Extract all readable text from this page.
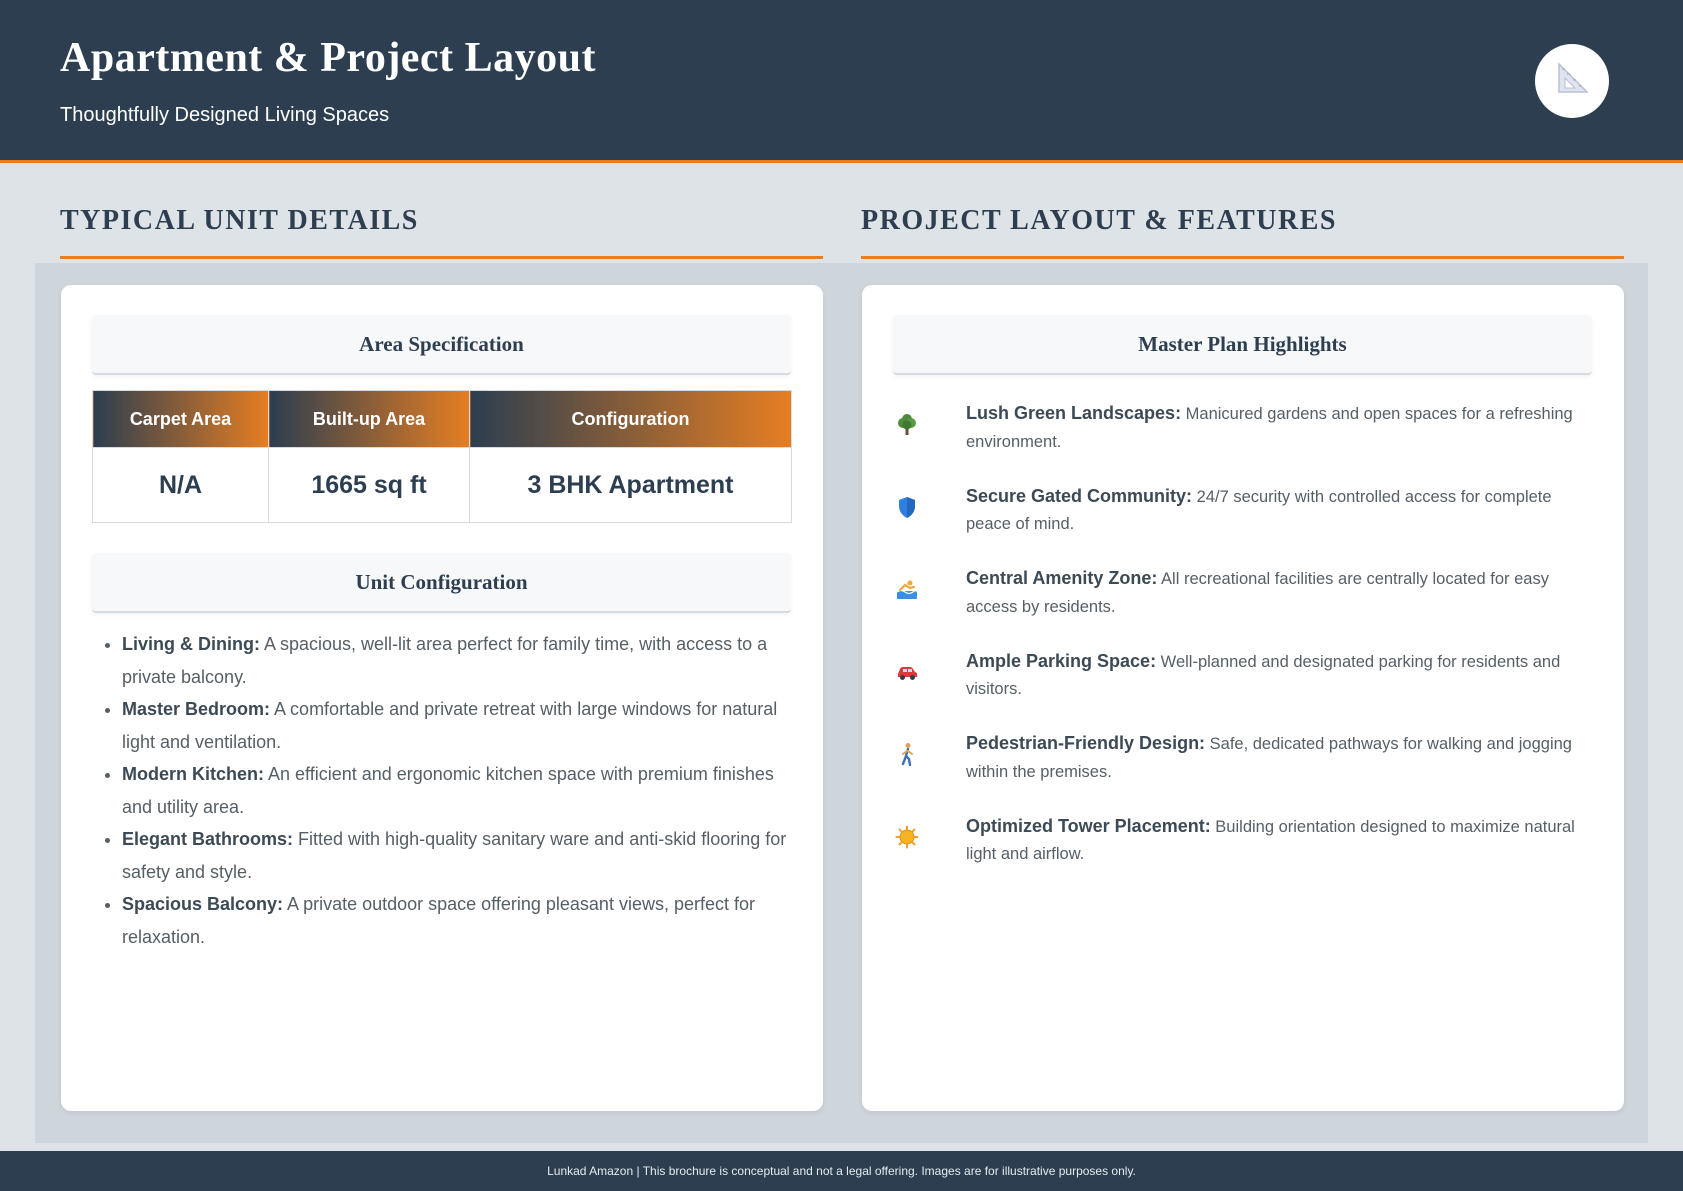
Apartment & Project Layout

Thoughtfully Designed Living Spaces

TYPICAL UNIT DETAILS
Area Specification
Carpet Area	Built-up Area	Configuration
N/A	1665 sq ft	3 BHK Apartment
Unit Configuration
• Living & Dining: A spacious, well-lit area perfect for family time, with access to a private balcony.
• Master Bedroom: A comfortable and private retreat with large windows for natural light and ventilation.
• Modern Kitchen: An efficient and ergonomic kitchen space with premium finishes and utility area.
• Elegant Bathrooms: Fitted with high-quality sanitary ware and anti-skid flooring for safety and style.
• Spacious Balcony: A private outdoor space offering pleasant views, perfect for relaxation.
PROJECT LAYOUT & FEATURES
Master Plan Highlights
Lush Green Landscapes: Manicured gardens and open spaces for a refreshing environment.
Secure Gated Community: 24/7 security with controlled access for complete peace of mind.
Central Amenity Zone: All recreational facilities are centrally located for easy access by residents.
Ample Parking Space: Well-planned and designated parking for residents and visitors.
Pedestrian-Friendly Design: Safe, dedicated pathways for walking and jogging within the premises.
Optimized Tower Placement: Building orientation designed to maximize natural light and airflow.
Lunkad Amazon | This brochure is conceptual and not a legal offering. Images are for illustrative purposes only.
